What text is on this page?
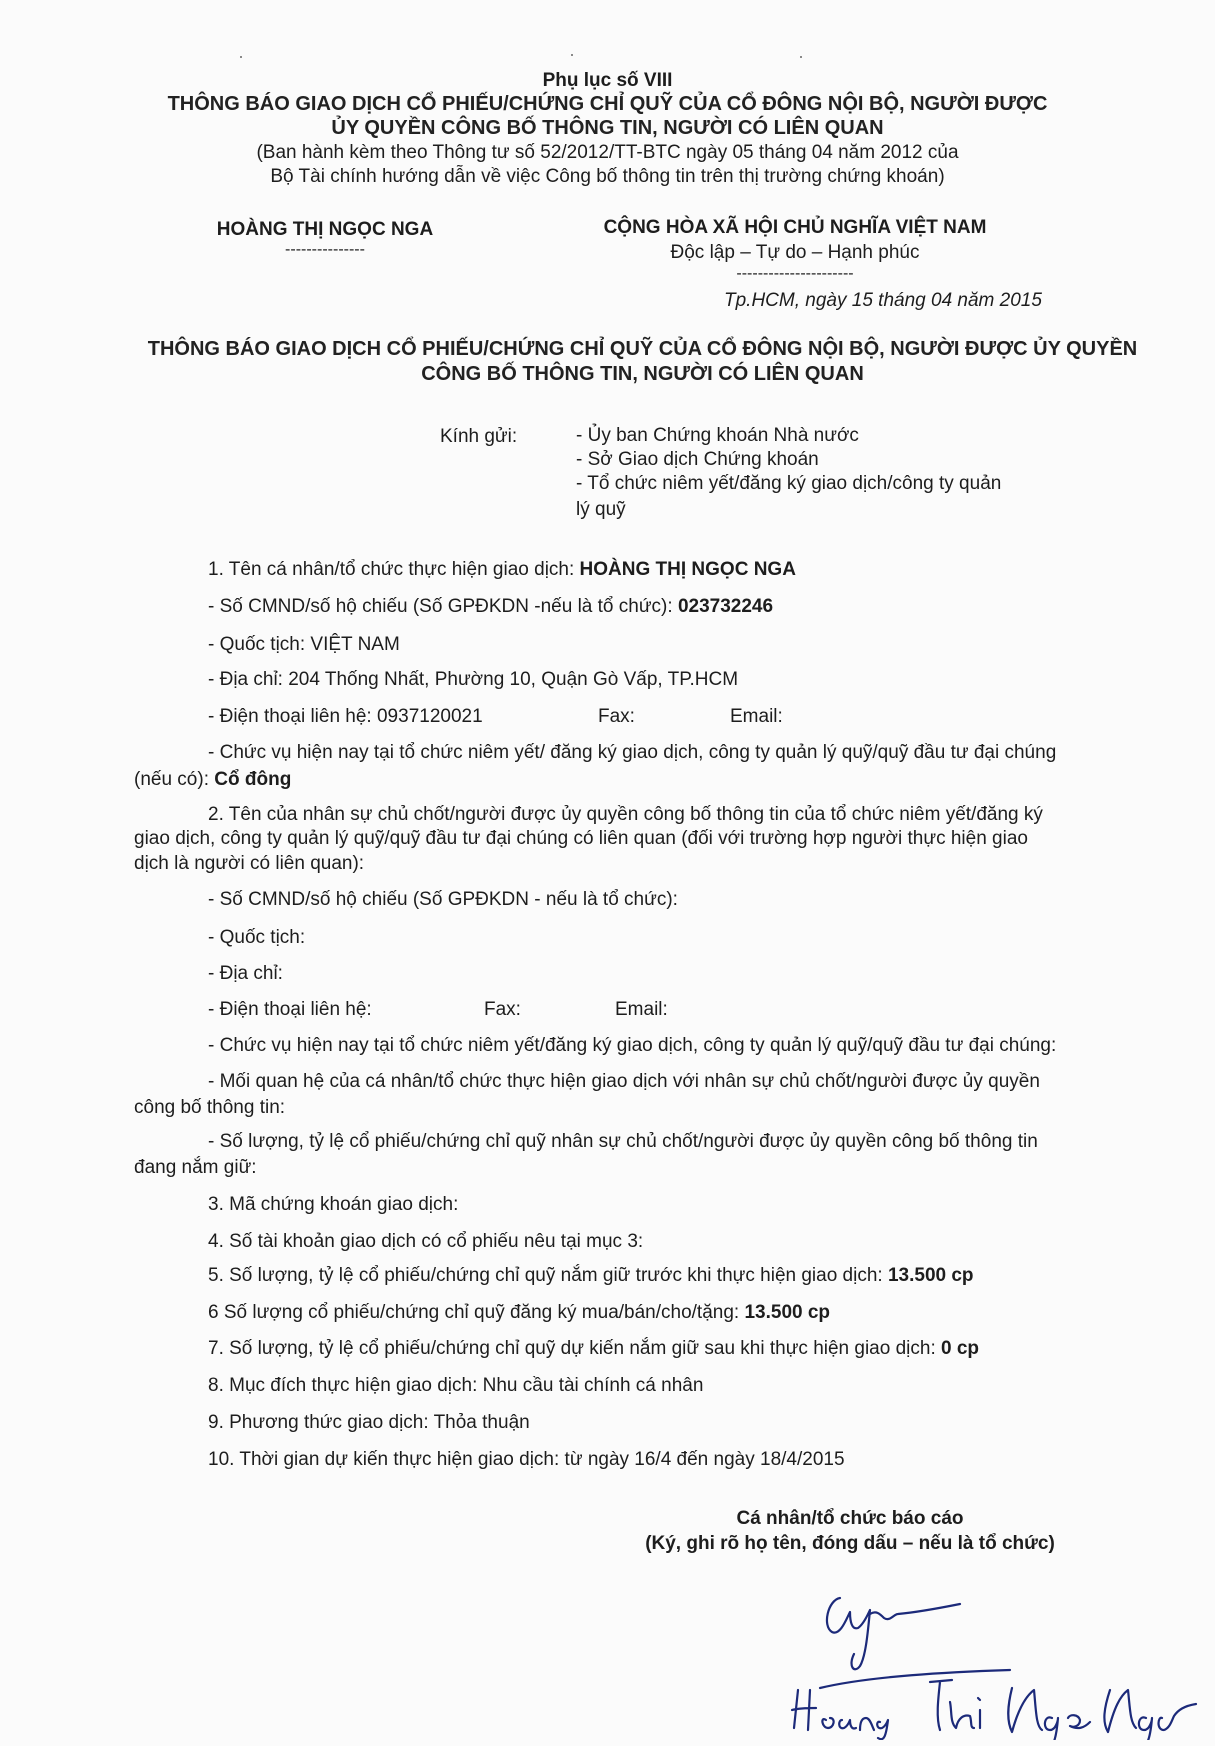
Phụ lục số VIII
THÔNG BÁO GIAO DỊCH CỔ PHIẾU/CHỨNG CHỈ QUỸ CỦA CỔ ĐÔNG NỘI BỘ, NGƯỜI ĐƯỢC
ỦY QUYỀN CÔNG BỐ THÔNG TIN, NGƯỜI CÓ LIÊN QUAN
(Ban hành kèm theo Thông tư số 52/2012/TT-BTC ngày 05 tháng 04 năm 2012 của
Bộ Tài chính hướng dẫn về việc Công bố thông tin trên thị trường chứng khoán)
HOÀNG THỊ NGỌC NGA
---------------
CỘNG HÒA XÃ HỘI CHỦ NGHĨA VIỆT NAM
Độc lập – Tự do – Hạnh phúc
----------------------
Tp.HCM, ngày 15 tháng 04 năm 2015
THÔNG BÁO GIAO DỊCH CỔ PHIẾU/CHỨNG CHỈ QUỸ CỦA CỔ ĐÔNG NỘI BỘ, NGƯỜI ĐƯỢC ỦY QUYỀN
CÔNG BỐ THÔNG TIN, NGƯỜI CÓ LIÊN QUAN
Kính gửi:	- Ủy ban Chứng khoán Nhà nước
- Sở Giao dịch Chứng khoán
- Tổ chức niêm yết/đăng ký giao dịch/công ty quản
lý quỹ
1. Tên cá nhân/tổ chức thực hiện giao dịch: HOÀNG THỊ NGỌC NGA
- Số CMND/số hộ chiếu (Số GPĐKDN -nếu là tổ chức): 023732246
- Quốc tịch: VIỆT NAM
- Địa chỉ: 204 Thống Nhất, Phường 10, Quận Gò Vấp, TP.HCM
- Điện thoại liên hệ: 0937120021	Fax:	Email:
- Chức vụ hiện nay tại tổ chức niêm yết/ đăng ký giao dịch, công ty quản lý quỹ/quỹ đầu tư đại chúng
(nếu có): Cổ đông
2. Tên của nhân sự chủ chốt/người được ủy quyền công bố thông tin của tổ chức niêm yết/đăng ký
giao dịch, công ty quản lý quỹ/quỹ đầu tư đại chúng có liên quan (đối với trường hợp người thực hiện giao
dịch là người có liên quan):
- Số CMND/số hộ chiếu (Số GPĐKDN - nếu là tổ chức):
- Quốc tịch:
- Địa chỉ:
- Điện thoại liên hệ:	Fax:	Email:
- Chức vụ hiện nay tại tổ chức niêm yết/đăng ký giao dịch, công ty quản lý quỹ/quỹ đầu tư đại chúng:
- Mối quan hệ của cá nhân/tổ chức thực hiện giao dịch với nhân sự chủ chốt/người được ủy quyền
công bố thông tin:
- Số lượng, tỷ lệ cổ phiếu/chứng chỉ quỹ nhân sự chủ chốt/người được ủy quyền công bố thông tin
đang nắm giữ:
3. Mã chứng khoán giao dịch:
4. Số tài khoản giao dịch có cổ phiếu nêu tại mục 3:
5. Số lượng, tỷ lệ cổ phiếu/chứng chỉ quỹ nắm giữ trước khi thực hiện giao dịch: 13.500 cp
6 Số lượng cổ phiếu/chứng chỉ quỹ đăng ký mua/bán/cho/tặng: 13.500 cp
7. Số lượng, tỷ lệ cổ phiếu/chứng chỉ quỹ dự kiến nắm giữ sau khi thực hiện giao dịch: 0 cp
8. Mục đích thực hiện giao dịch: Nhu cầu tài chính cá nhân
9. Phương thức giao dịch: Thỏa thuận
10. Thời gian dự kiến thực hiện giao dịch: từ ngày 16/4 đến ngày 18/4/2015
Cá nhân/tổ chức báo cáo
(Ký, ghi rõ họ tên, đóng dấu – nếu là tổ chức)
